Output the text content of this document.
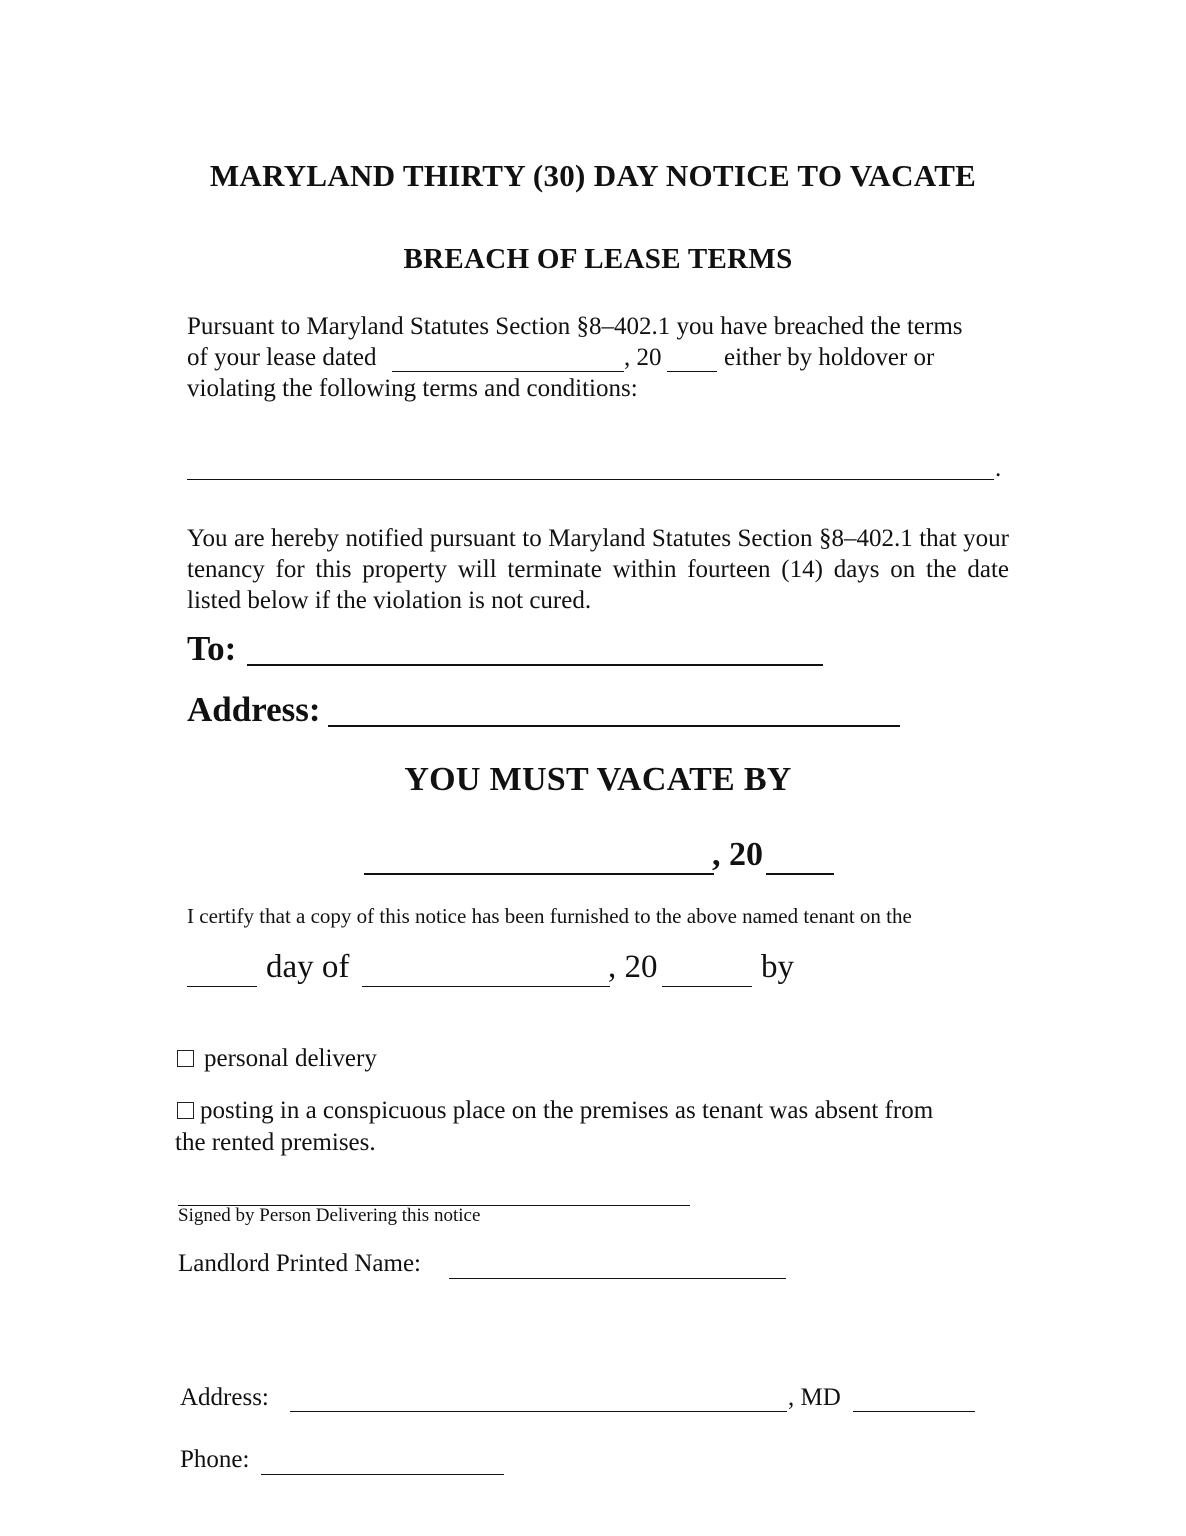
MARYLAND THIRTY (30) DAY NOTICE TO VACATE
BREACH OF LEASE TERMS
Pursuant to Maryland Statutes Section §8–402.1 you have breached the terms
of your lease dated	, 20	either by holdover or
violating the following terms and conditions:
.
You are hereby notified pursuant to Maryland Statutes Section §8–402.1 that your tenancy for this property will terminate within fourteen (14) days on the date listed below if the violation is not cured.
To:
Address:
YOU MUST VACATE BY
, 20
I certify that a copy of this notice has been furnished to the above named tenant on the
day of	, 20	by
personal delivery
posting in a conspicuous place on the premises as tenant was absent from
the rented premises.
Signed by Person Delivering this notice
Landlord Printed Name:
Address:	, MD
Phone:
